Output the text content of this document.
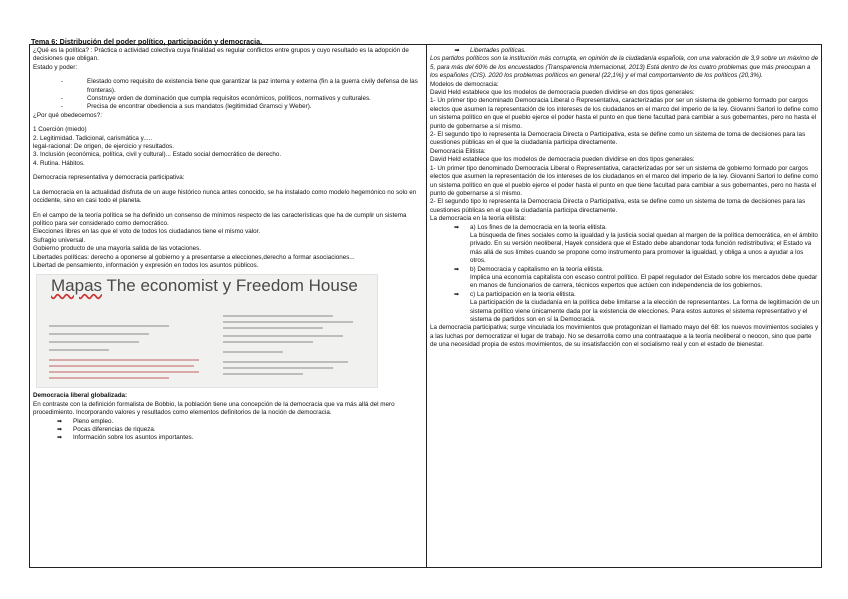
Tema 6: Distribución del poder político, participación y democracia.

¿Qué es la política? : Práctica o actividad colectiva cuya finalidad es regular conflictos entre grupos y cuyo resultado es la adopción de decisiones que obligan.

Estado y poder:

-	Elestado como requisito de existencia tiene que garantizar la paz interna y externa (fin a la guerra civily defensa de las fronteras).
-	Construye orden de dominación que cumpla requisitos económicos, políticos, normativos y culturales.
-	Precisa de encontrar obediencia a sus mandatos (legitimidad Gramsci y Weber).

¿Por qué obedecemos?:

1 Coerción (miedo)

2. Legitimidad. Tadicional, carismática y.....

legal-racional: De origen, de ejercicio y resultados.

3. Inclusión (económica, política, civil y cultural)... Estado social democrático de derecho.

4. Rutina. Hábitos.

Democracia representativa y democracia participativa:

La democracia en la actualidad disfruta de un auge histórico nunca antes conocido, se ha instalado como modelo hegemónico no solo en occidente, sino en casi todo el planeta.

En el campo de la teoría política se ha definido un consenso de mínimos respecto de las características que ha de cumplir un sistema político para ser considerado como democrático.

Elecciones libres en las que el voto de todos los ciudadanos tiene el mismo valor.

Sufragio universal.

Gobierno producto de una mayoría salida de las votaciones.

Libertades políticas: derecho a oponerse al gobierno y a presentarse a elecciones,derecho a formar asociaciones...

Libertad de pensamiento, información y expresión en todos los asuntos públicos.

Mapas The economist y Freedom House

Democracia liberal globalizada:

En contraste con la definición formalista de Bobbio, la población tiene una concepción de la democracia que va más allá del mero procedimiento. Incorporando valores y resultados como elementos definitorios de la noción de democracia.

➡ Pleno empleo.
➡ Pocas diferencias de riqueza.
➡ Información sobre los asuntos importantes.
➡ Libertades políticas.

Los partidos políticos son la institución más corrupta, en opinión de la ciudadanía española, con una valoración de 3,9 sobre un máximo de 5, para más del 60% de los encuestados (Transparencia Internacional, 2013) Está dentro de los cuatro problemas que más preocupan a los españoles (CIS). 2020 los problemas políticos en general (22,1%) y el mal comportamiento de los políticos (20,3%).

Modelos de democracia:

David Held establece que los modelos de democracia pueden dividirse en dos tipos generales:

1- Un primer tipo denominado Democracia Liberal o Representativa, caracterizadas por ser un sistema de gobierno formado por cargos electos que asumen la representación de los intereses de los ciudadanos en el marco del imperio de la ley. Giovanni Sartori lo define como un sistema político en que el pueblo ejerce el poder hasta el punto en que tiene facultad para cambiar a sus gobernantes, pero no hasta el punto de gobernarse a sí mismo.

2- El segundo tipo lo representa la Democracia Directa o Participativa, esta se define como un sistema de toma de decisiones para las cuestiones públicas en el que la ciudadanía participa directamente.

Democracia Elitista:

David Held establece que los modelos de democracia pueden dividirse en dos tipos generales:

1- Un primer tipo denominado Democracia Liberal o Representativa, caracterizadas por ser un sistema de gobierno formado por cargos electos que asumen la representación de los intereses de los ciudadanos en el marco del imperio de la ley. Giovanni Sartori lo define como un sistema político en que el pueblo ejerce el poder hasta el punto en que tiene facultad para cambiar a sus gobernantes, pero no hasta el punto de gobernarse a sí mismo.

2- El segundo tipo lo representa la Democracia Directa o Participativa, esta se define como un sistema de toma de decisiones para las cuestiones públicas en el que la ciudadanía participa directamente.

La democracia en la teoría elitista:

➡ a) Los fines de la democracia en la teoría elitista.

La búsqueda de fines sociales como la igualdad y la justicia social quedan al margen de la política democrática, en el ámbito privado. En su versión neoliberal, Hayek considera que el Estado debe abandonar toda función redistributiva; el Estado va más allá de sus límites cuando se propone como instrumento para promover la igualdad, y obliga a unos a ayudar a los otros.

➡ b) Democracia y capitalismo en la teoría elitista.

Implica una economía capitalista con escaso control político. El papel regulador del Estado sobre los mercados debe quedar en manos de funcionarios de carrera, técnicos expertos que actúen con independencia de los gobiernos.

➡ c) La participación en la teoría elitista.

La participación de la ciudadanía en la política debe limitarse a la elección de representantes. La forma de legitimación de un sistema político viene únicamente dada por la existencia de elecciones. Para estos autores el sistema representativo y el sistema de partidos son en sí la Democracia.

La democracia participativa; surge vinculada los movimientos que protagonizan el llamado mayo del 68: los nuevos movimientos sociales y a las luchas por democratizar el lugar de trabajo. No se desarrolla como una contraataque a la teoría neoliberal o neocon, sino que parte de una necesidad propia de estos movimientos, de su insatisfacción con el socialismo real y con el estado de bienestar.
